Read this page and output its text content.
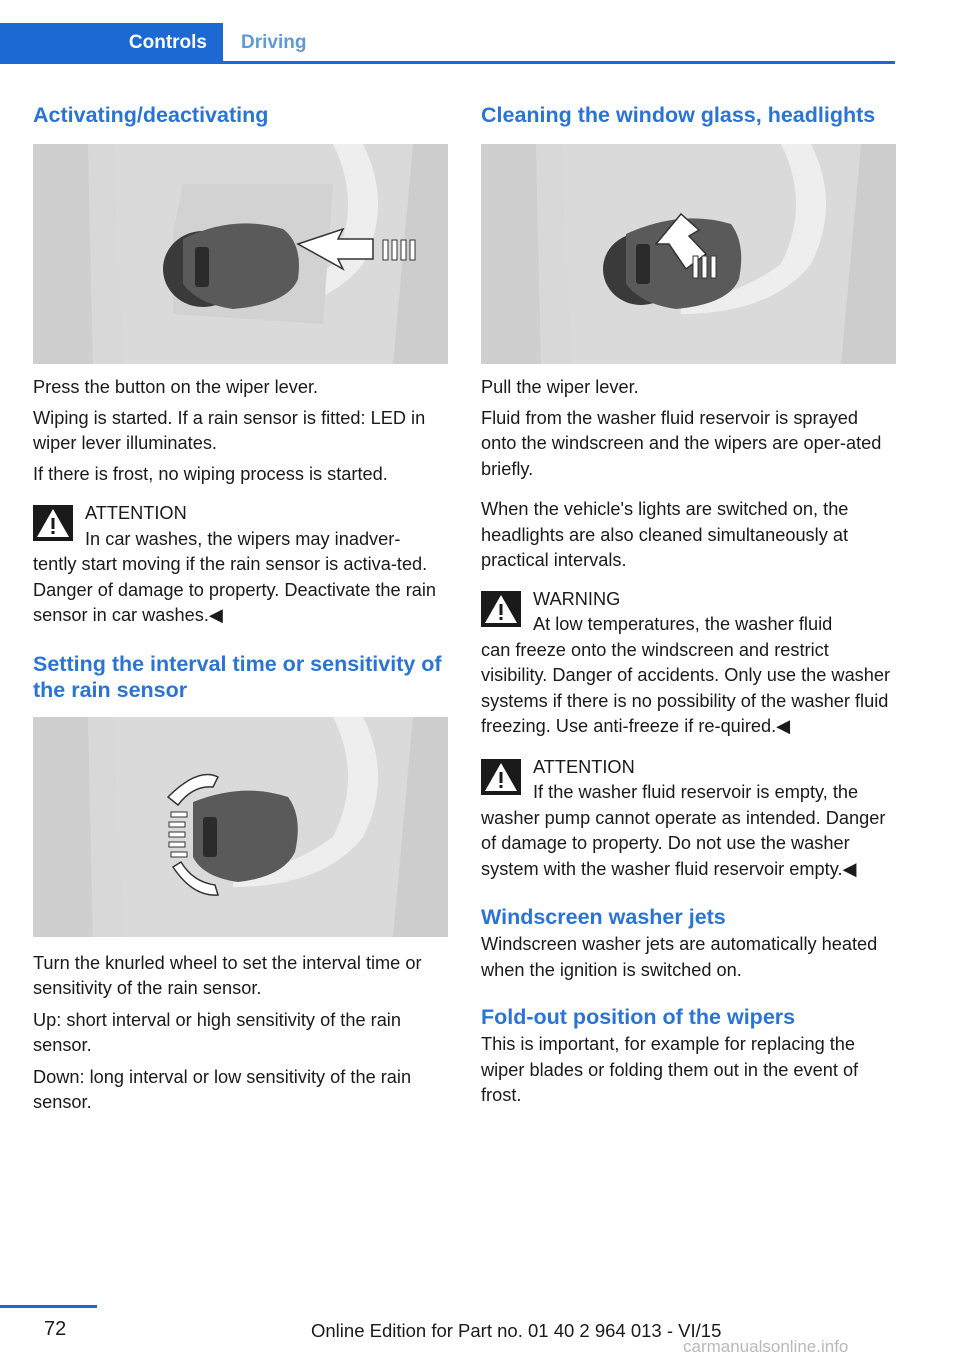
Controls Driving
Activating/deactivating

Press the button on the wiper lever.

Wiping is started. If a rain sensor is fitted: LED in wiper lever illuminates.

If there is frost, no wiping process is started.

ATTENTION
In car washes, the wipers may inadver-
tently start moving if the rain sensor is activa-ted. Danger of damage to property. Deactivate the rain sensor in car washes.◀
Setting the interval time or sensitivity of the rain sensor

Turn the knurled wheel to set the interval time or sensitivity of the rain sensor.

Up: short interval or high sensitivity of the rain sensor.

Down: long interval or low sensitivity of the rain sensor.

Cleaning the window glass, headlights

Pull the wiper lever.

Fluid from the washer fluid reservoir is sprayed onto the windscreen and the wipers are oper-ated briefly.

When the vehicle's lights are switched on, the headlights are also cleaned simultaneously at practical intervals.

WARNING
At low temperatures, the washer fluid
can freeze onto the windscreen and restrict visibility. Danger of accidents. Only use the washer systems if there is no possibility of the washer fluid freezing. Use anti-freeze if re-quired.◀
ATTENTION
If the washer fluid reservoir is empty, the
washer pump cannot operate as intended. Danger of damage to property. Do not use the washer system with the washer fluid reservoir empty.◀
Windscreen washer jets

Windscreen washer jets are automatically heated when the ignition is switched on.

Fold-out position of the wipers

This is important, for example for replacing the wiper blades or folding them out in the event of frost.

72	Online Edition for Part no. 01 40 2 964 013 - VI/15
carmanualsonline.info
